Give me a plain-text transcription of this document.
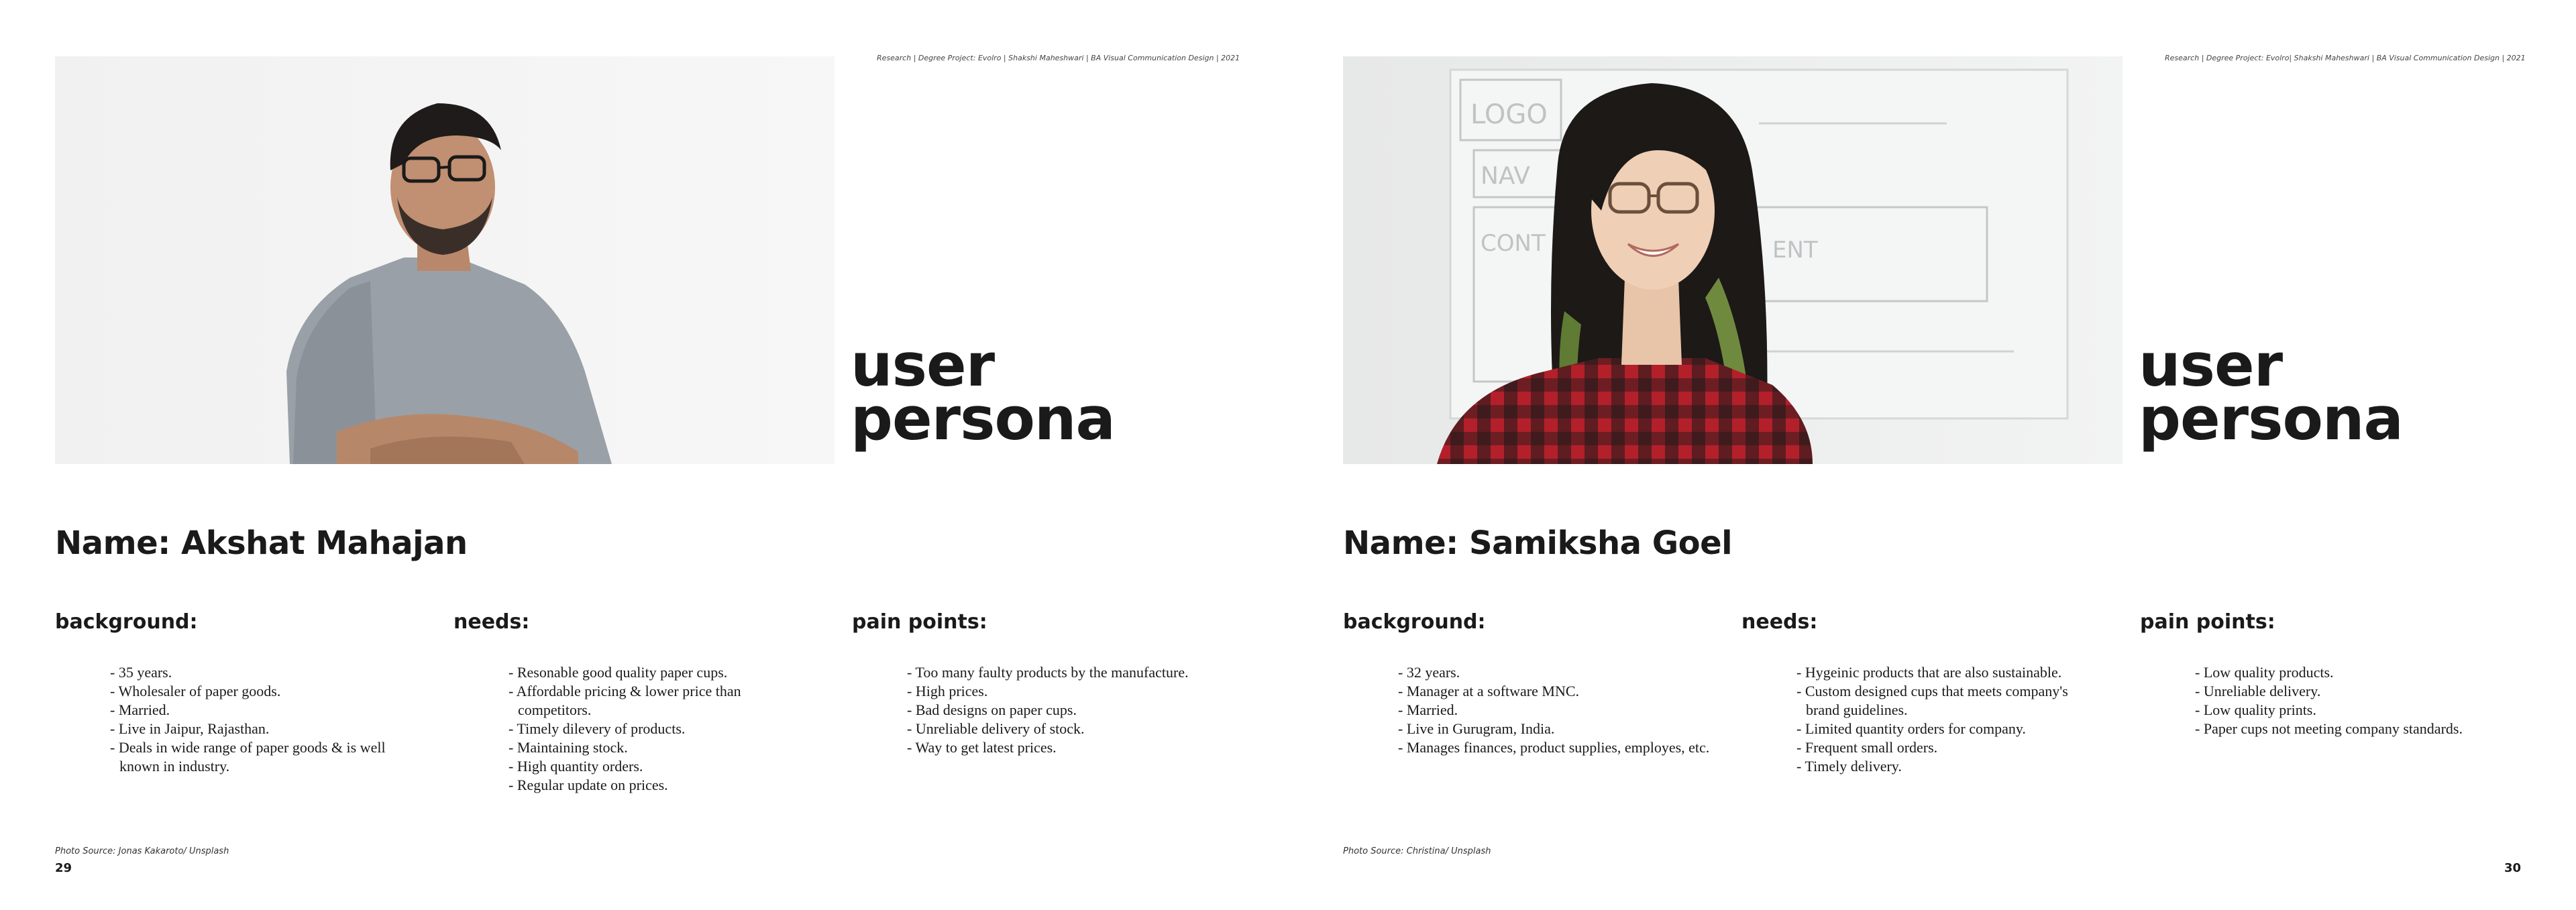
Research | Degree Project: Evolro | Shakshi Maheshwari | BA Visual Communication Design | 2021
user
persona
Name: Akshat Mahajan
background:
- 35 years.
- Wholesaler of paper goods.
- Married.
- Live in Jaipur, Rajasthan.
- Deals in wide range of paper goods & is well known in industry.
needs:
- Resonable good quality paper cups.
- Affordable pricing & lower price than competitors.
- Timely dilevery of products.
- Maintaining stock.
- High quantity orders.
- Regular update on prices.
pain points:
- Too many faulty products by the manufacture.
- High prices.
- Bad designs on paper cups.
- Unreliable delivery of stock.
- Way to get latest prices.
Photo Source: Jonas Kakaroto/ Unsplash
29
Research | Degree Project: Evolro| Shakshi Maheshwari | BA Visual Communication Design | 2021
LOGO
NAV
CONT	ENT
user
persona
Name: Samiksha Goel
background:
- 32 years.
- Manager at a software MNC.
- Married.
- Live in Gurugram, India.
- Manages finances, product supplies, employes, etc.
needs:
- Hygeinic products that are also sustainable.
- Custom designed cups that meets company's brand guidelines.
- Limited quantity orders for company.
- Frequent small orders.
- Timely delivery.
pain points:
- Low quality products.
- Unreliable delivery.
- Low quality prints.
- Paper cups not meeting company standards.
Photo Source: Christina/ Unsplash
30
